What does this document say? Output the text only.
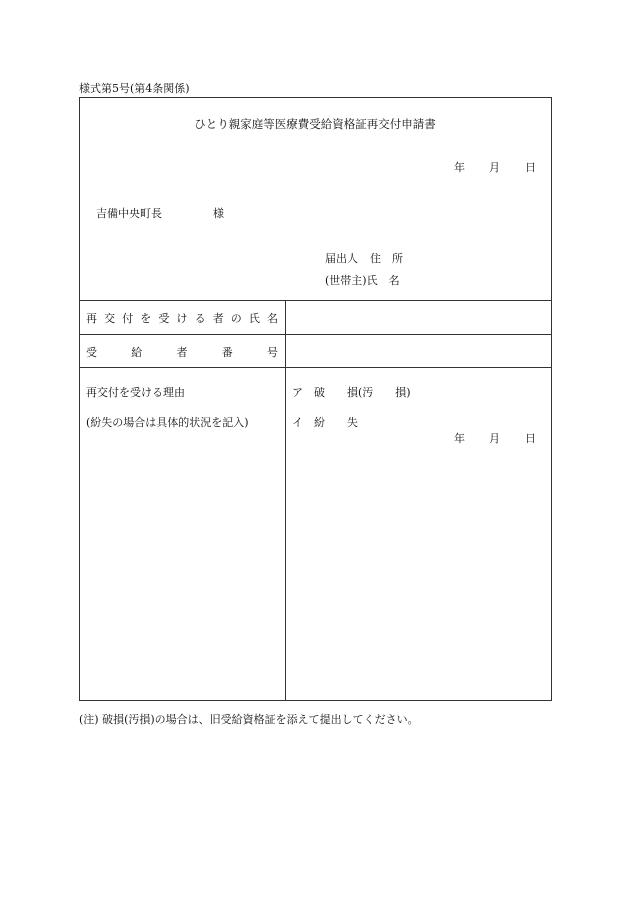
様式第5号(第4条関係)
ひとり親家庭等医療費受給資格証再交付申請書
年 月 日
吉備中央町長	様
届出人 住　所
(世帯主)氏　名
再交付を受ける者の氏名
受給者番号
再交付を受ける理由
(紛失の場合は具体的状況を記入)
ア 破　　損(汚　　損)
イ 紛　　失
年 月 日
(注) 破損(汚損)の場合は、旧受給資格証を添えて提出してください。
